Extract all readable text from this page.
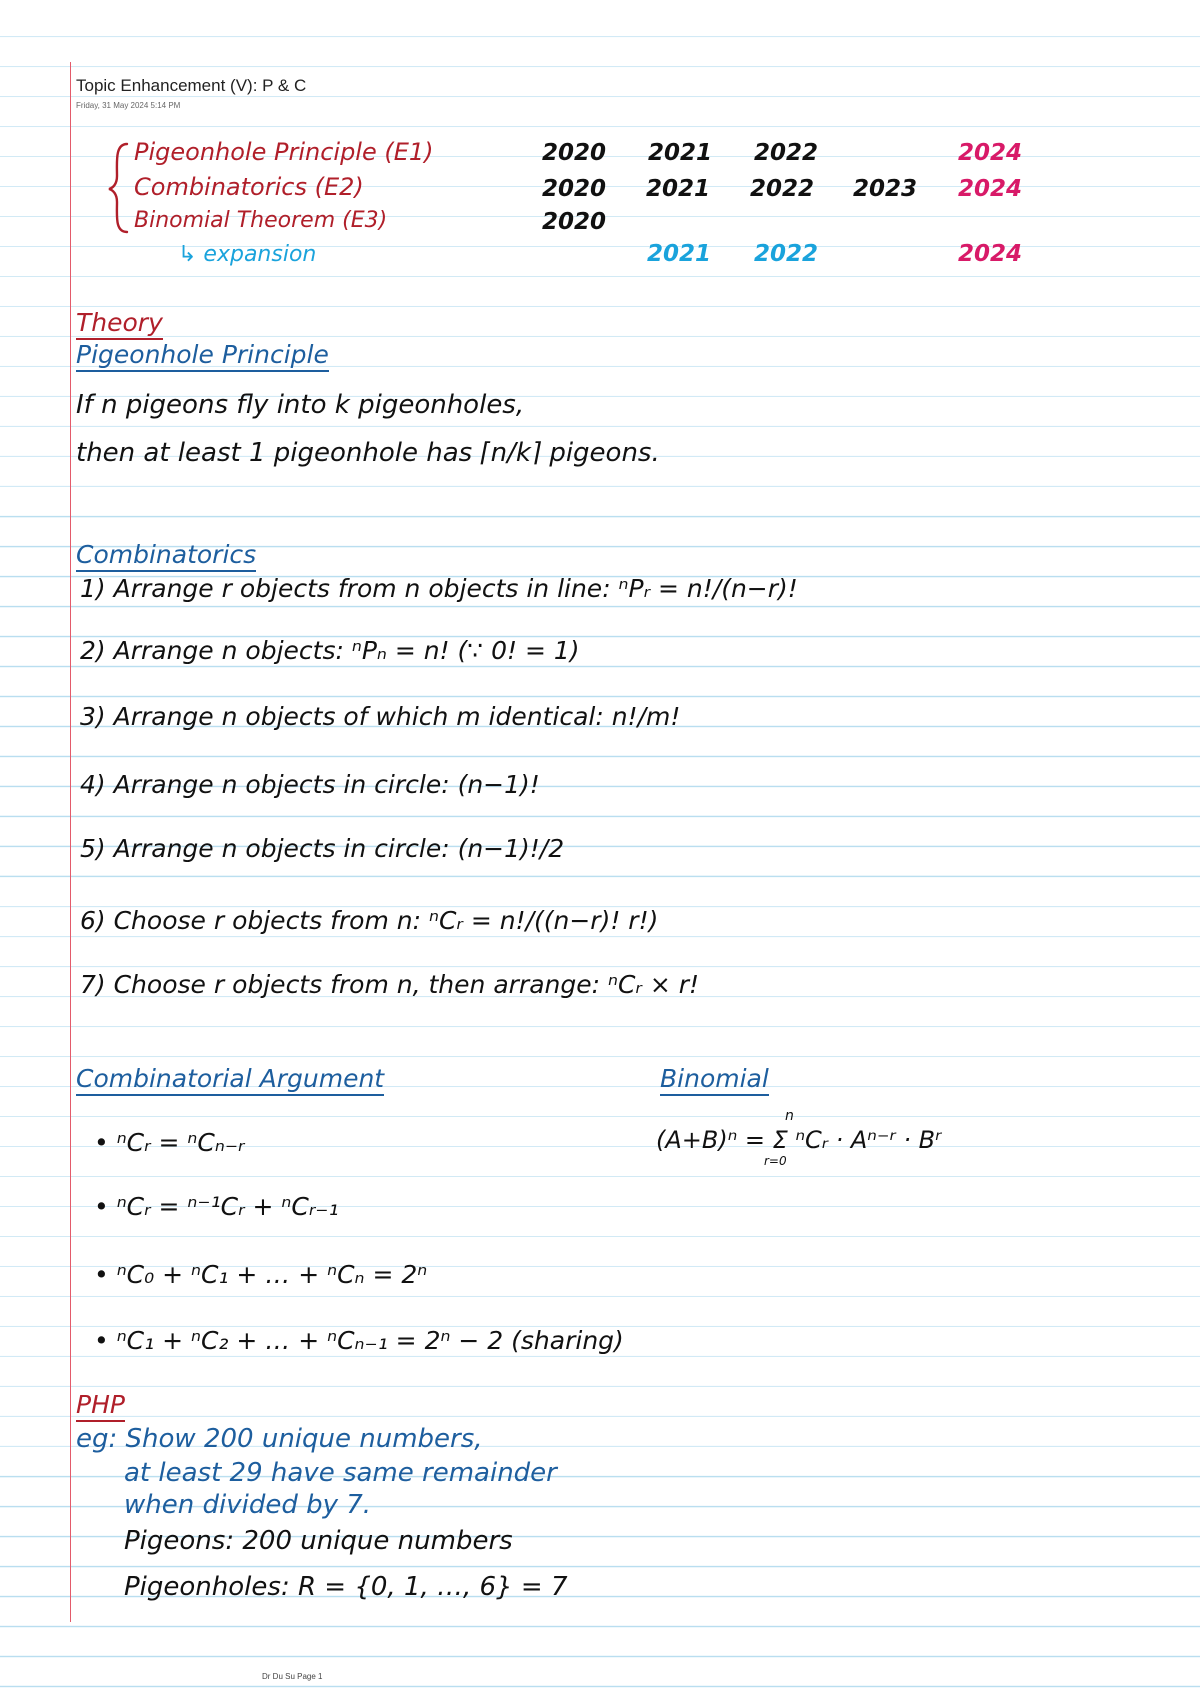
Topic Enhancement (V): P & C
Friday, 31 May 2024 5:14 PM
Pigeonhole Principle (E1)
Combinatorics (E2)
Binomial Theorem (E3)
↳ expansion
2020 2021 2022	2024
2020 2021 2022 2023 2024
2020
2021 2022	2024
Theory
Pigeonhole Principle
If n pigeons fly into k pigeonholes,
then at least 1 pigeonhole has ⌈n/k⌉ pigeons.
Combinatorics
1) Arrange r objects from n objects in line: ⁿPᵣ = n!/(n−r)!
2) Arrange n objects: ⁿPₙ = n! (∵ 0! = 1)
3) Arrange n objects of which m identical: n!/m!
4) Arrange n objects in circle: (n−1)!
5) Arrange n objects in circle: (n−1)!/2
6) Choose r objects from n: ⁿCᵣ = n!/((n−r)! r!)
7) Choose r objects from n, then arrange: ⁿCᵣ × r!
Combinatorial Argument
• ⁿCᵣ = ⁿCₙ₋ᵣ
• ⁿCᵣ = ⁿ⁻¹Cᵣ + ⁿCᵣ₋₁
• ⁿC₀ + ⁿC₁ + … + ⁿCₙ = 2ⁿ
• ⁿC₁ + ⁿC₂ + … + ⁿCₙ₋₁ = 2ⁿ − 2 (sharing)
Binomial
n
(A+B)ⁿ = Σ ⁿCᵣ · Aⁿ⁻ʳ · Bʳ
r=0
PHP
eg: Show 200 unique numbers,
at least 29 have same remainder
when divided by 7.
Pigeons: 200 unique numbers
Pigeonholes: R = {0, 1, …, 6} = 7
Dr Du Su Page 1
